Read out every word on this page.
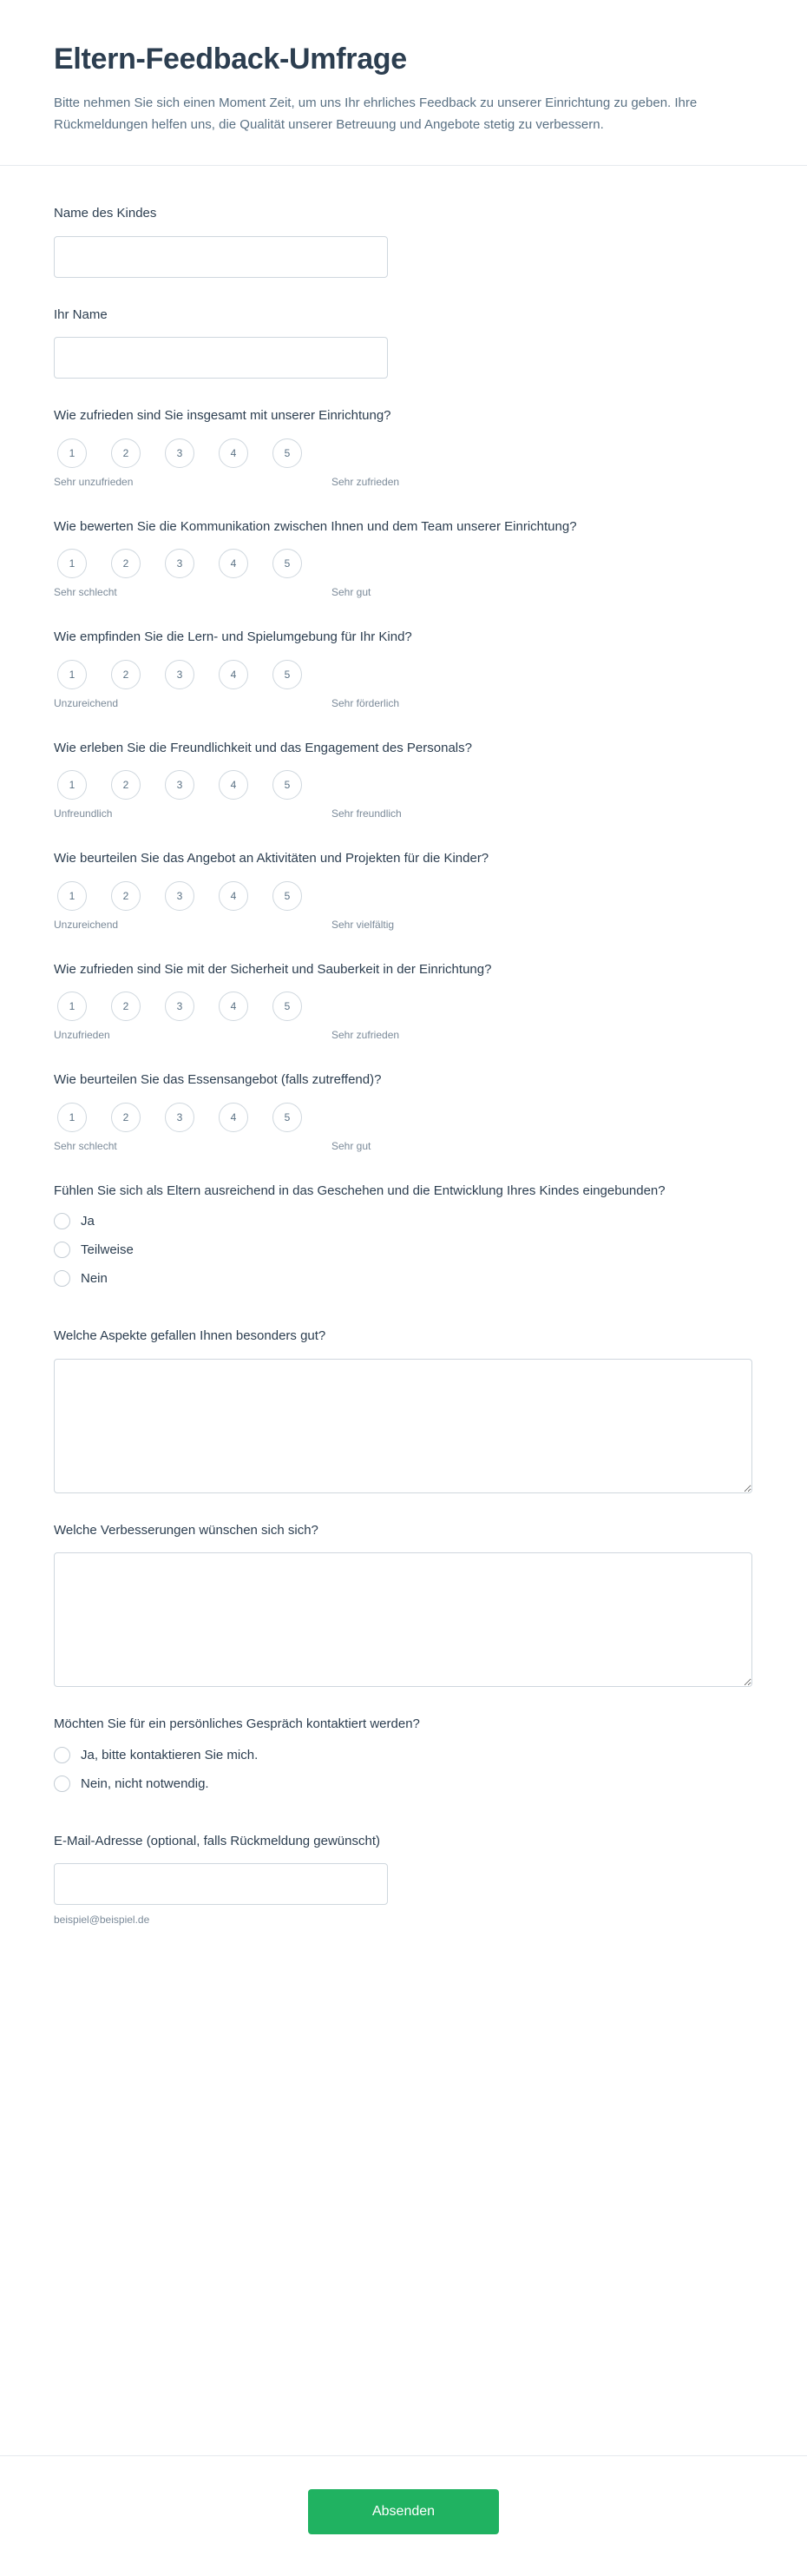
Eltern-Feedback-Umfrage

Bitte nehmen Sie sich einen Moment Zeit, um uns Ihr ehrliches Feedback zu unserer Einrichtung zu geben. Ihre Rückmeldungen helfen uns, die Qualität unserer Betreuung und Angebote stetig zu verbessern.

Name des Kindes
Ihr Name
Wie zufrieden sind Sie insgesamt mit unserer Einrichtung?
1	2	3	4	5
Sehr unzufrieden	Sehr zufrieden
Wie bewerten Sie die Kommunikation zwischen Ihnen und dem Team unserer Einrichtung?
1	2	3	4	5
Sehr schlecht	Sehr gut
Wie empfinden Sie die Lern- und Spielumgebung für Ihr Kind?
1	2	3	4	5
Unzureichend	Sehr förderlich
Wie erleben Sie die Freundlichkeit und das Engagement des Personals?
1	2	3	4	5
Unfreundlich	Sehr freundlich
Wie beurteilen Sie das Angebot an Aktivitäten und Projekten für die Kinder?
1	2	3	4	5
Unzureichend	Sehr vielfältig
Wie zufrieden sind Sie mit der Sicherheit und Sauberkeit in der Einrichtung?
1	2	3	4	5
Unzufrieden	Sehr zufrieden
Wie beurteilen Sie das Essensangebot (falls zutreffend)?
1	2	3	4	5
Sehr schlecht	Sehr gut
Fühlen Sie sich als Eltern ausreichend in das Geschehen und die Entwicklung Ihres Kindes eingebunden?
Ja
Teilweise
Nein
Welche Aspekte gefallen Ihnen besonders gut?
Welche Verbesserungen wünschen sich sich?
Möchten Sie für ein persönliches Gespräch kontaktiert werden?
Ja, bitte kontaktieren Sie mich.
Nein, nicht notwendig.
E-Mail-Adresse (optional, falls Rückmeldung gewünscht)
beispiel@beispiel.de
Absenden
